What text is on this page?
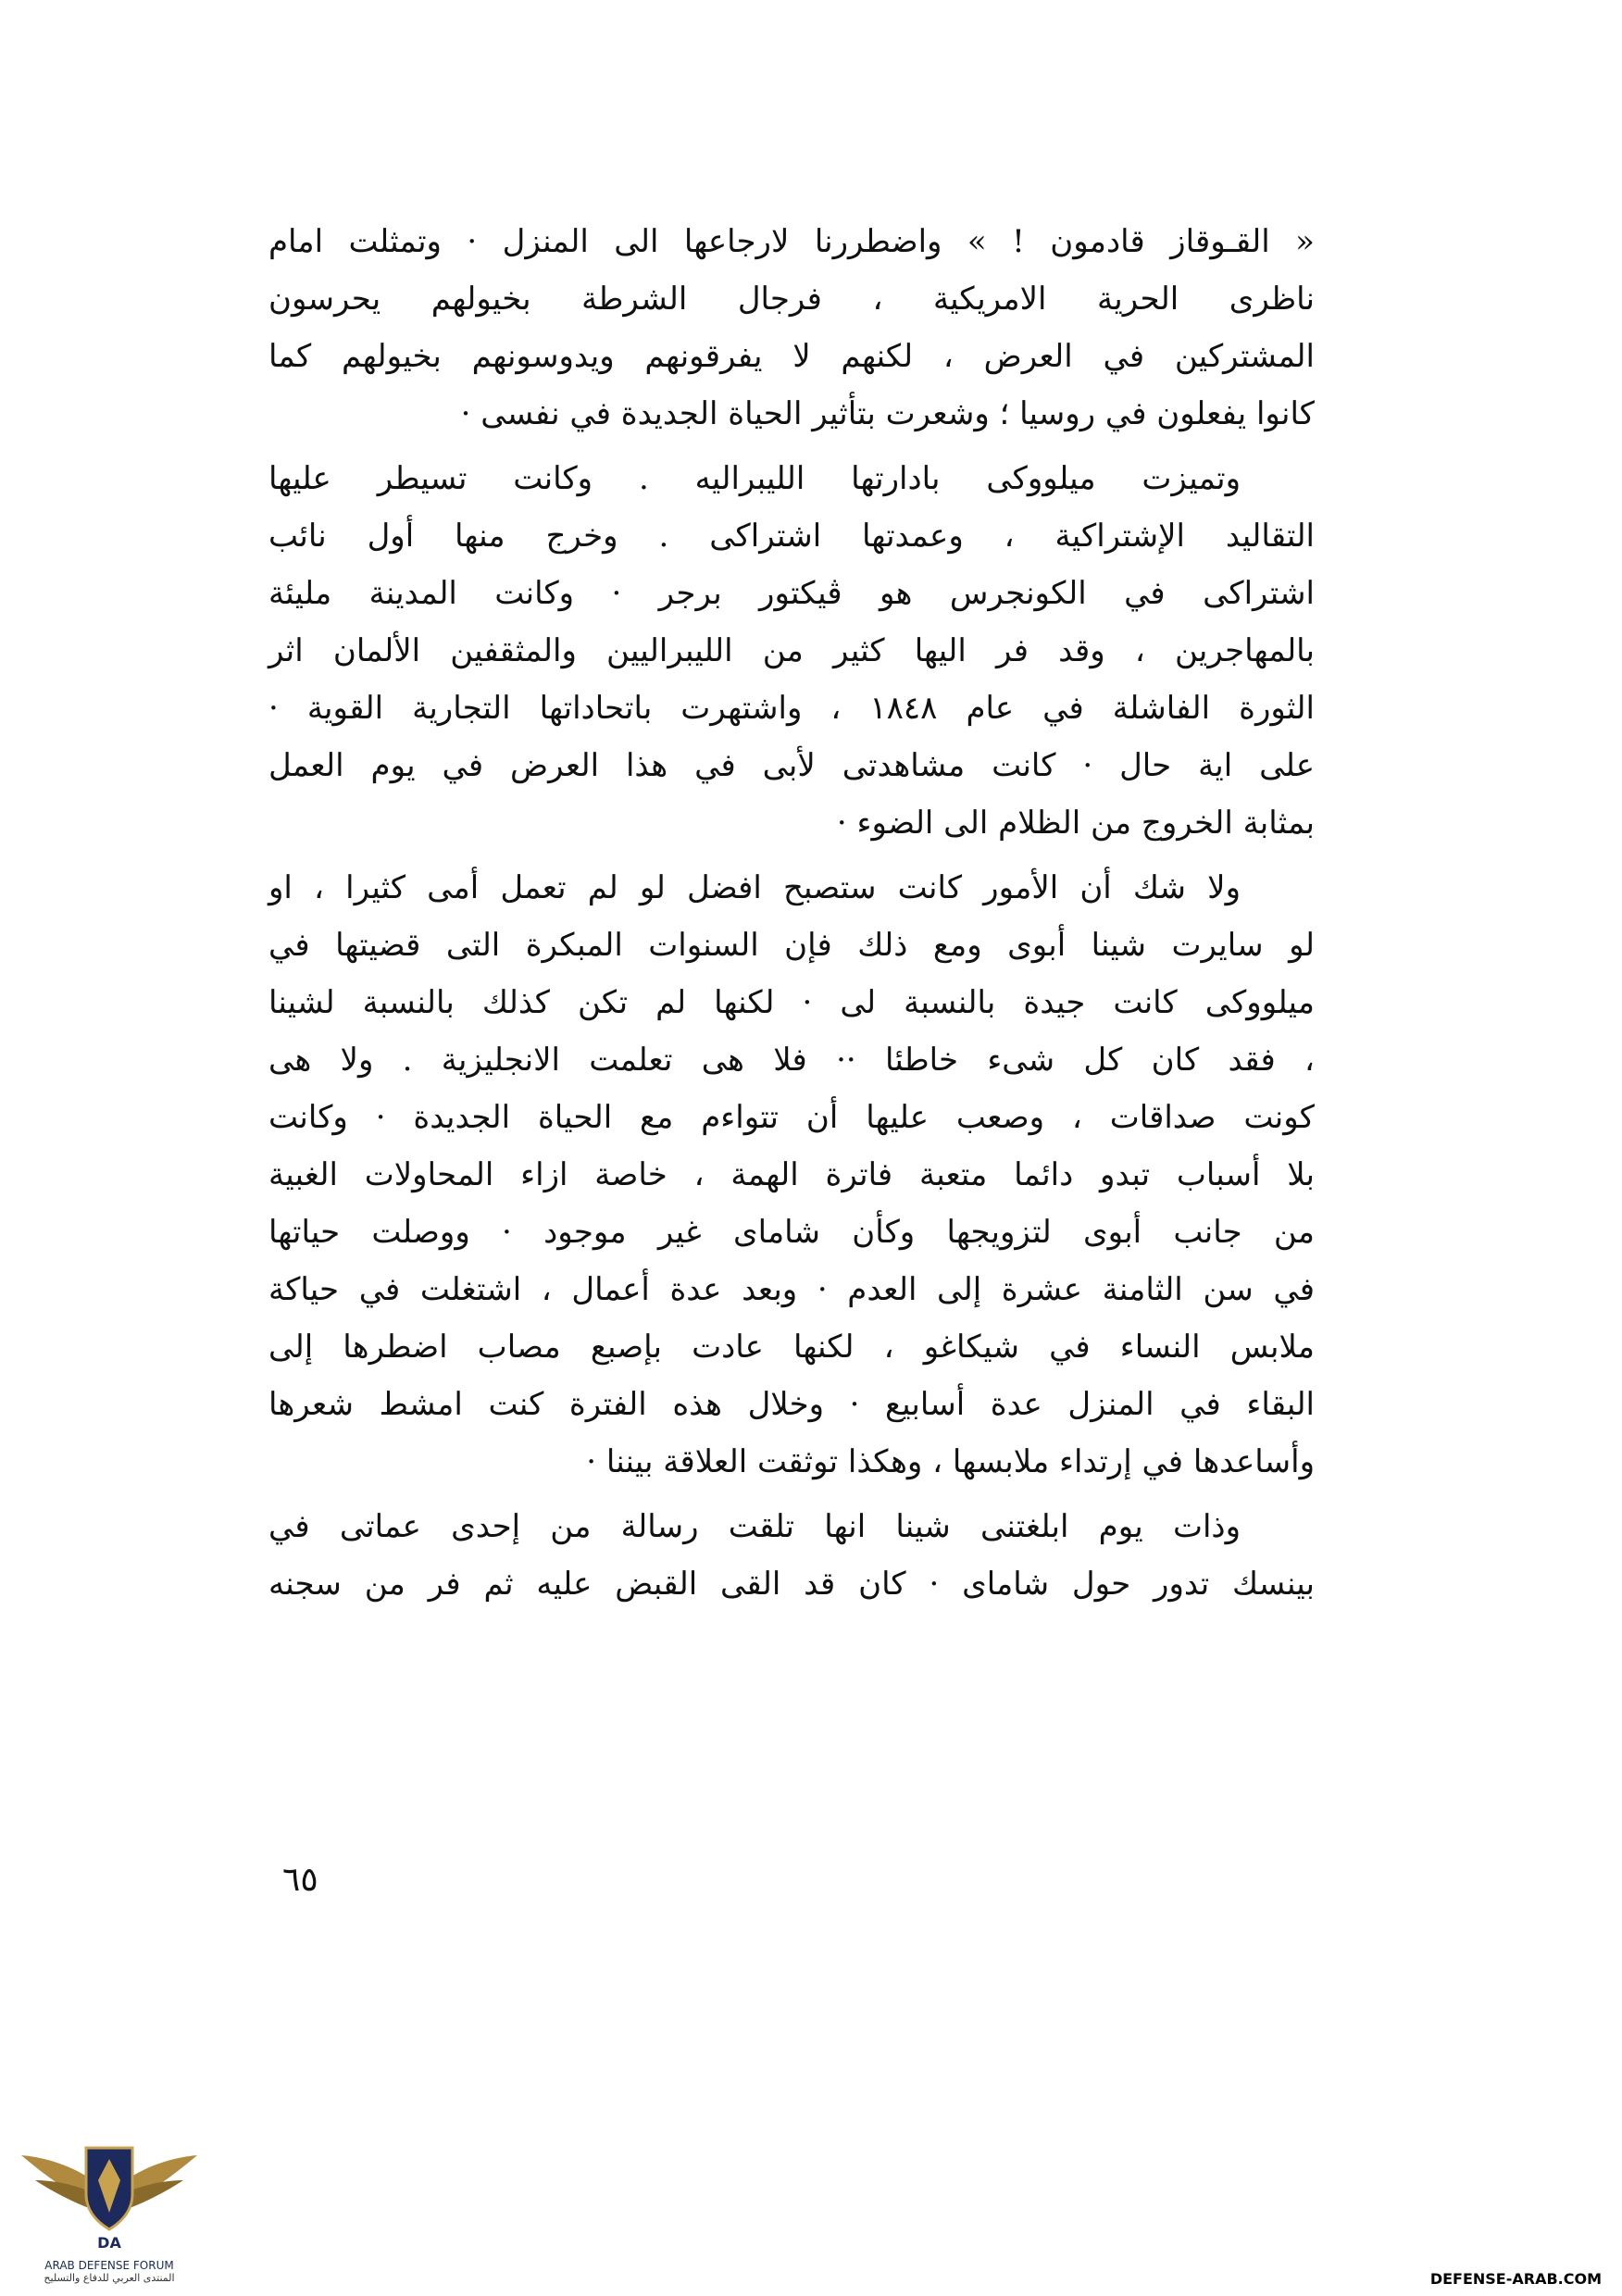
« القـوقاز قادمون ! » واضطررنا لارجاعها الى المنزل · وتمثلت امام
ناظرى الحرية الامريكية ، فرجال الشرطة بخيولهم يحرسون
المشتركين في العرض ، لكنهم لا يفرقونهم ويدوسونهم بخيولهم كما
كانوا يفعلون في روسيا ؛ وشعرت بتأثير الحياة الجديدة في نفسى ·
وتميزت ميلووكى بادارتها الليبراليه . وكانت تسيطر عليها
التقاليد الإشتراكية ، وعمدتها اشتراكى . وخرج منها أول نائب
اشتراكى في الكونجرس هو ڤيكتور برجر · وكانت المدينة مليئة
بالمهاجرين ، وقد فر اليها كثير من الليبراليين والمثقفين الألمان اثر
الثورة الفاشلة في عام ١٨٤٨ ، واشتهرت باتحاداتها التجارية القوية ·
على اية حال · كانت مشاهدتى لأبى في هذا العرض في يوم العمل
بمثابة الخروج من الظلام الى الضوء ·
ولا شك أن الأمور كانت ستصبح افضل لو لم تعمل أمى كثيرا ، او
لو سايرت شينا أبوى ومع ذلك فإن السنوات المبكرة التى قضيتها في
ميلووكى كانت جيدة بالنسبة لى · لكنها لم تكن كذلك بالنسبة لشينا
، فقد كان كل شىء خاطئا ·· فلا هى تعلمت الانجليزية . ولا هى
كونت صداقات ، وصعب عليها أن تتواءم مع الحياة الجديدة · وكانت
بلا أسباب تبدو دائما متعبة فاترة الهمة ، خاصة ازاء المحاولات الغبية
من جانب أبوى لتزويجها وكأن شاماى غير موجود · ووصلت حياتها
في سن الثامنة عشرة إلى العدم · وبعد عدة أعمال ، اشتغلت في حياكة
ملابس النساء في شيكاغو ، لكنها عادت بإصبع مصاب اضطرها إلى
البقاء في المنزل عدة أسابيع · وخلال هذه الفترة كنت امشط شعرها
وأساعدها في إرتداء ملابسها ، وهكذا توثقت العلاقة بيننا ·
وذات يوم ابلغتنى شينا انها تلقت رسالة من إحدى عماتى في
بينسك تدور حول شاماى · كان قد القى القبض عليه ثم فر من سجنه
٦٥
DA
ARAB DEFENSE FORUM
المنتدى العربي للدفاع والتسليح	DEFENSE-ARAB.COM
